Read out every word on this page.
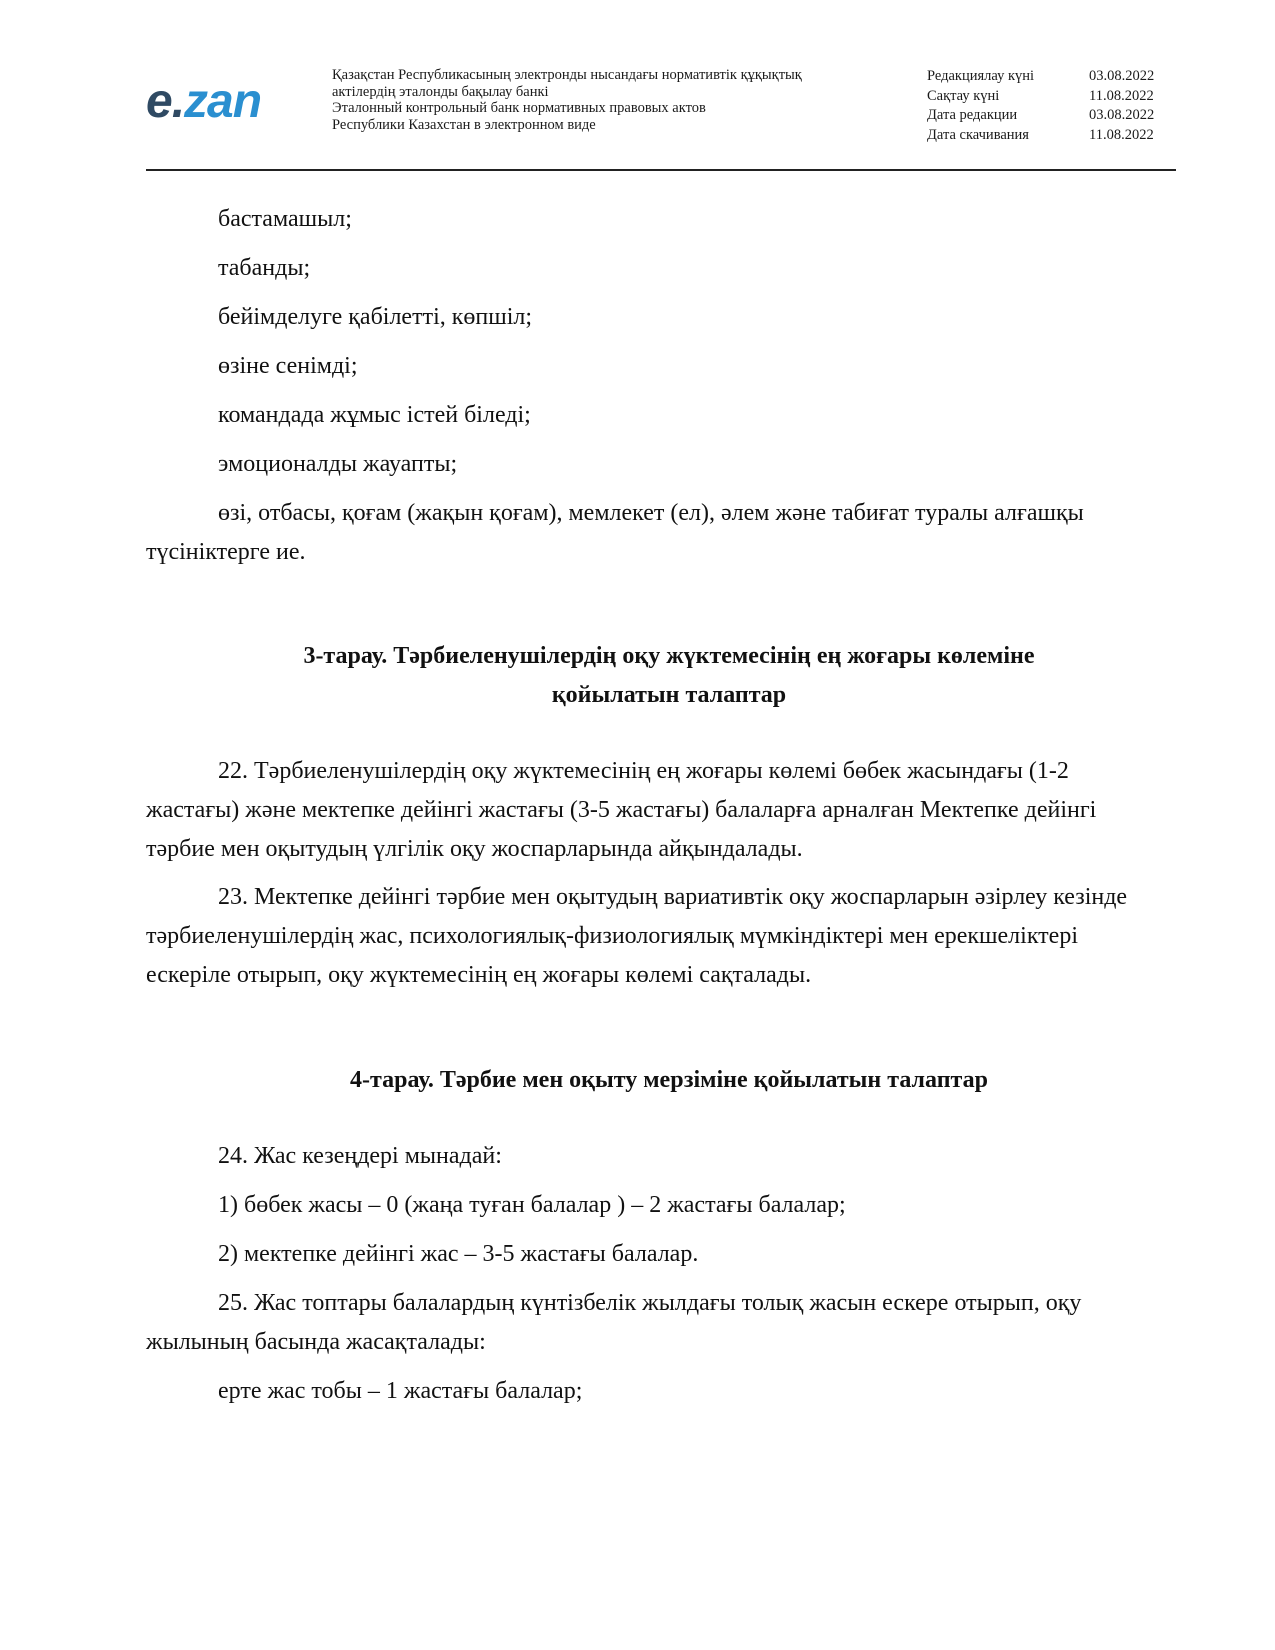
e.zan	Қазақстан Республикасының электронды нысандағы нормативтік құқықтық
актілердің эталонды бақылау банкі
Эталонный контрольный банк нормативных правовых актов
Республики Казахстан в электронном виде
Редакциялау күні	03.08.2022
Сақтау күні	11.08.2022
Дата редакции	03.08.2022
Дата скачивания	11.08.2022

бастамашыл;

табанды;

бейімделуге қабілетті, көпшіл;

өзіне сенімді;

командада жұмыс істей біледі;

эмоционалды жауапты;

өзі, отбасы, қоғам (жақын қоғам), мемлекет (ел), әлем және табиғат туралы алғашқы түсініктерге ие.

3-тарау. Тәрбиеленушілердің оқу жүктемесінің ең жоғары көлеміне
қойылатын талаптар

22. Тәрбиеленушілердің оқу жүктемесінің ең жоғары көлемі бөбек жасындағы (1-2 жастағы) және мектепке дейінгі жастағы (3-5 жастағы) балаларға арналған Мектепке дейінгі тәрбие мен оқытудың үлгілік оқу жоспарларында айқындалады.

23. Мектепке дейінгі тәрбие мен оқытудың вариативтік оқу жоспарларын әзірлеу кезінде тәрбиеленушілердің жас, психологиялық-физиологиялық мүмкіндіктері мен ерекшеліктері ескеріле отырып, оқу жүктемесінің ең жоғары көлемі сақталады.

4-тарау. Тәрбие мен оқыту мерзіміне қойылатын талаптар

24. Жас кезеңдері мынадай:

1) бөбек жасы – 0 (жаңа туған балалар ) – 2 жастағы балалар;

2) мектепке дейінгі жас – 3-5 жастағы балалар.

25. Жас топтары балалардың күнтізбелік жылдағы толық жасын ескере отырып, оқу жылының басында жасақталады:

ерте жас тобы – 1 жастағы балалар;
